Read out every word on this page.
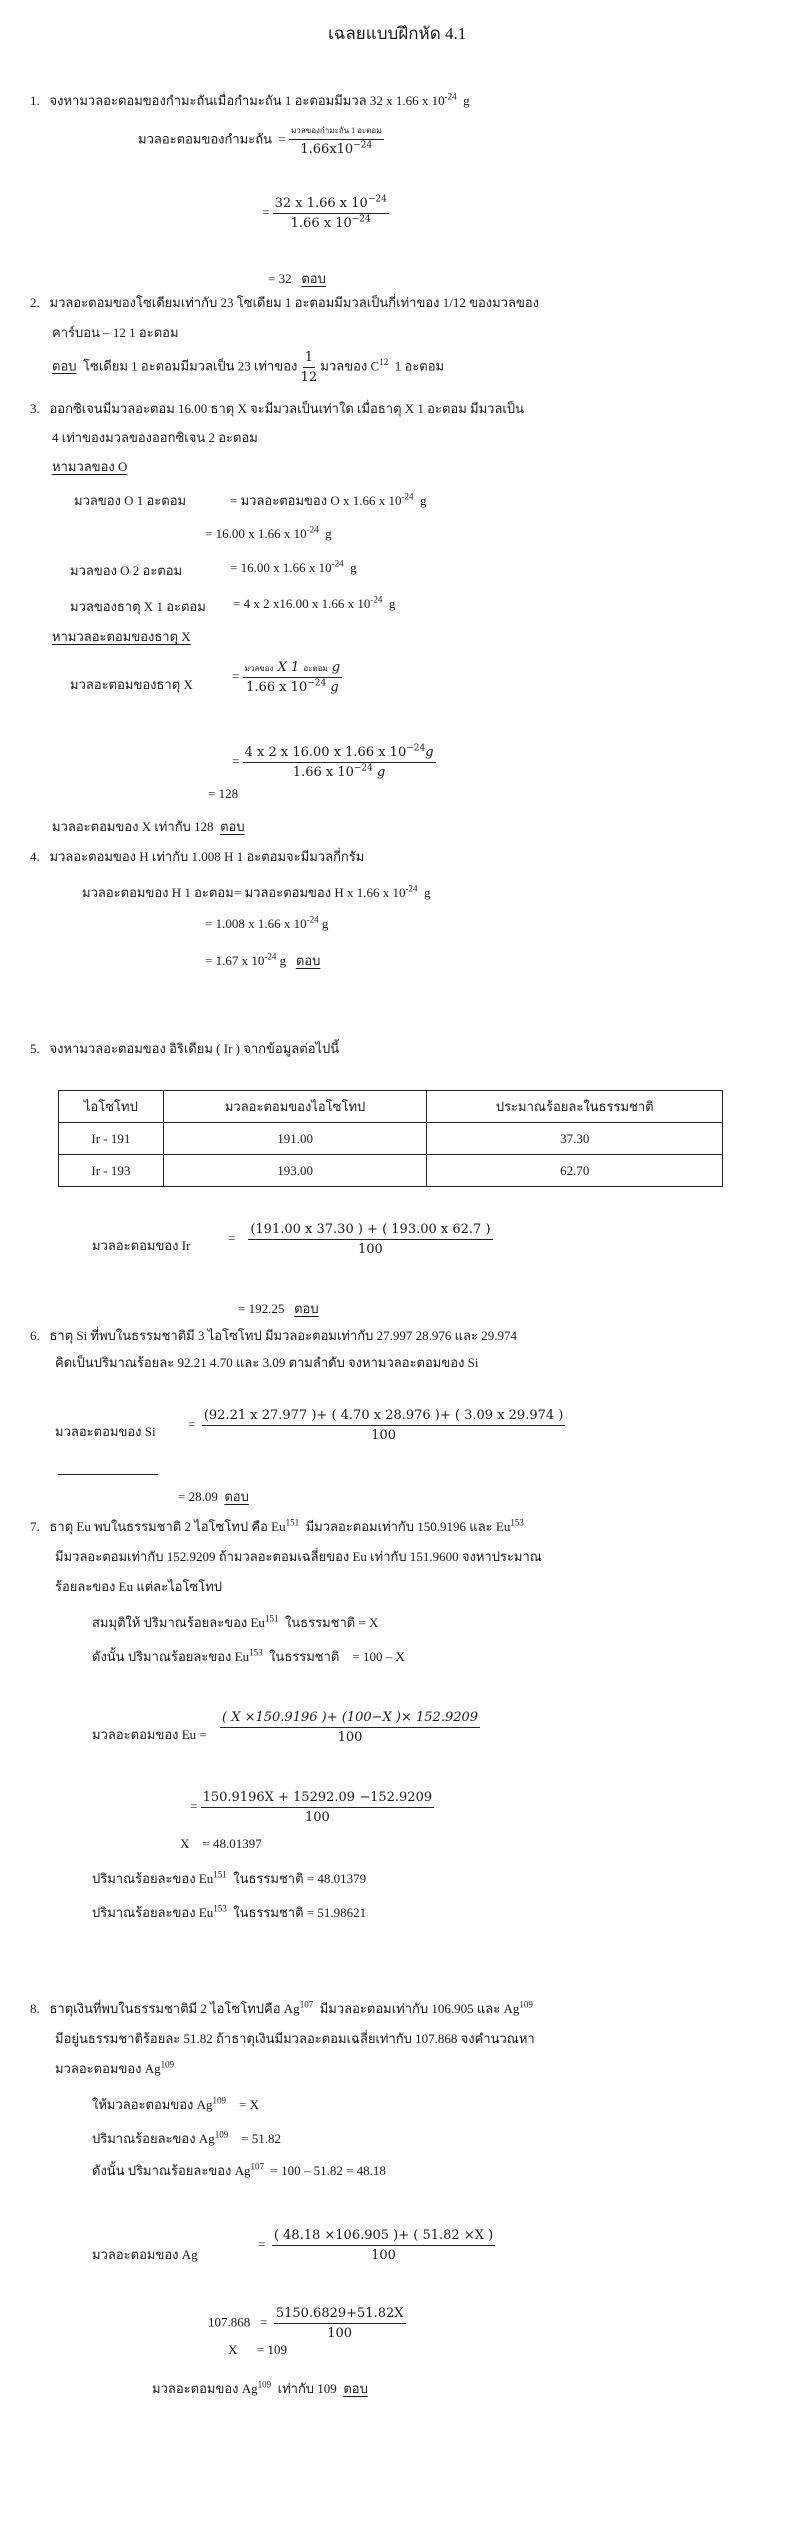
เฉลยแบบฝึกหัด 4.1
1. จงหามวลอะตอมของกำมะถันเมื่อกำมะถัน 1 อะตอมมีมวล 32 x 1.66 x $10^{-24}$ g
มวลอะตอมของกำมะถัน = $\frac{\text{มวลของกำมะถัน 1 อะตอม}}{1.66x10^{-24}}$
= $\frac{32 x 1.66 x 10^{-24}}{1.66 x 10^{-24}}$
= 32 ตอบ
2. มวลอะตอมของโซเดียมเท่ากับ 23 โซเดียม 1 อะตอมมีมวลเป็นกี่เท่าของ 1/12 ของมวลของ
คาร์บอน – 12 1 อะตอม
ตอบ โซเดียม 1 อะตอมมีมวลเป็น 23 เท่าของ $\frac{1}{12}$ มวลของ $C^{12}$ 1 อะตอม
3. ออกซิเจนมีมวลอะตอม 16.00 ธาตุ X จะมีมวลเป็นเท่าใด เมื่อธาตุ X 1 อะตอม มีมวลเป็น
4 เท่าของมวลของออกซิเจน 2 อะตอม
หามวลของ O
มวลของ O 1 อะตอม	= มวลอะตอมของ O x 1.66 x $10^{-24}$ g
= 16.00 x 1.66 x $10^{-24}$ g
มวลของ O 2 อะตอม	= 16.00 x 1.66 x $10^{-24}$ g
มวลของธาตุ X 1 อะตอม = 4 x 2 x16.00 x 1.66 x $10^{-24}$ g
หามวลอะตอมของธาตุ X
มวลอะตอมของธาตุ X
= $\frac{\text{มวลของ X 1 อะตอม g}}{1.66 x 10^{-24} g}$
= $\frac{4 x 2 x 16.00 x 1.66 x 10^{-24}g}{1.66 x 10^{-24} g}$
= 128
มวลอะตอมของ X เท่ากับ 128 ตอบ
4. มวลอะตอมของ H เท่ากับ 1.008 H 1 อะตอมจะมีมวลกี่กรัม
มวลอะตอมของ H 1 อะตอม = มวลอะตอมของ H x 1.66 x $10^{-24}$ g
= 1.008 x 1.66 x $10^{-24}$ g
= 1.67 x $10^{-24}$ g ตอบ
5. จงหามวลอะตอมของ อิริเดียม ( Ir ) จากข้อมูลต่อไปนี้
ไอโซโทป	มวลอะตอมของไอโซโทป	ประมาณร้อยละในธรรมชาติ
Ir - 191	191.00	37.30
Ir - 193	193.00	62.70
มวลอะตอมของ Ir
= $\frac{(191.00 x 37.30 ) + ( 193.00 x 62.7 )}{100}$
= 192.25 ตอบ
6. ธาตุ Si ที่พบในธรรมชาติมี 3 ไอโซโทป มีมวลอะตอมเท่ากับ 27.997 28.976 และ 29.974
คิดเป็นปริมาณร้อยละ 92.21 4.70 และ 3.09 ตามลำดับ จงหามวลอะตอมของ Si
มวลอะตอมของ Si
= $\frac{(92.21 x 27.977 )+ ( 4.70 x 28.976 )+ ( 3.09 x 29.974 )}{100}$
= 28.09 ตอบ
7. ธาตุ Eu พบในธรรมชาติ 2 ไอโซโทป คือ Eu$^{151}$ มีมวลอะตอมเท่ากับ 150.9196 และ Eu$^{153}$
มีมวลอะตอมเท่ากับ 152.9209 ถ้ามวลอะตอมเฉลี่ยของ Eu เท่ากับ 151.9600 จงหาประมาณ
ร้อยละของ Eu แต่ละไอโซโทป
สมมุติให้ ปริมาณร้อยละของ Eu$^{151}$ ในธรรมชาติ = X
ดังนั้น ปริมาณร้อยละของ Eu$^{153}$ ในธรรมชาติ = 100 – X
มวลอะตอมของ $Eu = \frac{( X \times 150.9196 )+ (100-X )\times 152.9209}{100}$
= $\frac{150.9196X + 15292.09 -152.9209}{100}$
X = 48.01397
ปริมาณร้อยละของ Eu$^{151}$ ในธรรมชาติ = 48.01379
ปริมาณร้อยละของ Eu$^{153}$ ในธรรมชาติ = 51.98621
8. ธาตุเงินที่พบในธรรมชาติมี 2 ไอโซโทปคือ Ag$^{107}$ มีมวลอะตอมเท่ากับ 106.905 และ Ag$^{109}$
มีอยู่นธรรมชาติร้อยละ 51.82 ถ้าธาตุเงินมีมวลอะตอมเฉลี่ยเท่ากับ 107.868 จงคำนวณหา
มวลอะตอมของ Ag$^{109}$
ให้มวลอะตอมของ $Ag^{109} = X$
ปริมาณร้อยละของ $Ag^{109} = 51.82$
ดังนั้น ปริมาณร้อยละของ $Ag^{107} = 100 - 51.82 = 48.18$
มวลอะตอมของ Ag
= $\frac{( 48.18 \times 106.905 )+ ( 51.82 \times X )}{100}$
$107.868 = \frac{5150.6829+51.82X}{100}$
X = 109
มวลอะตอมของ Ag$^{109}$ เท่ากับ 109 ตอบ
